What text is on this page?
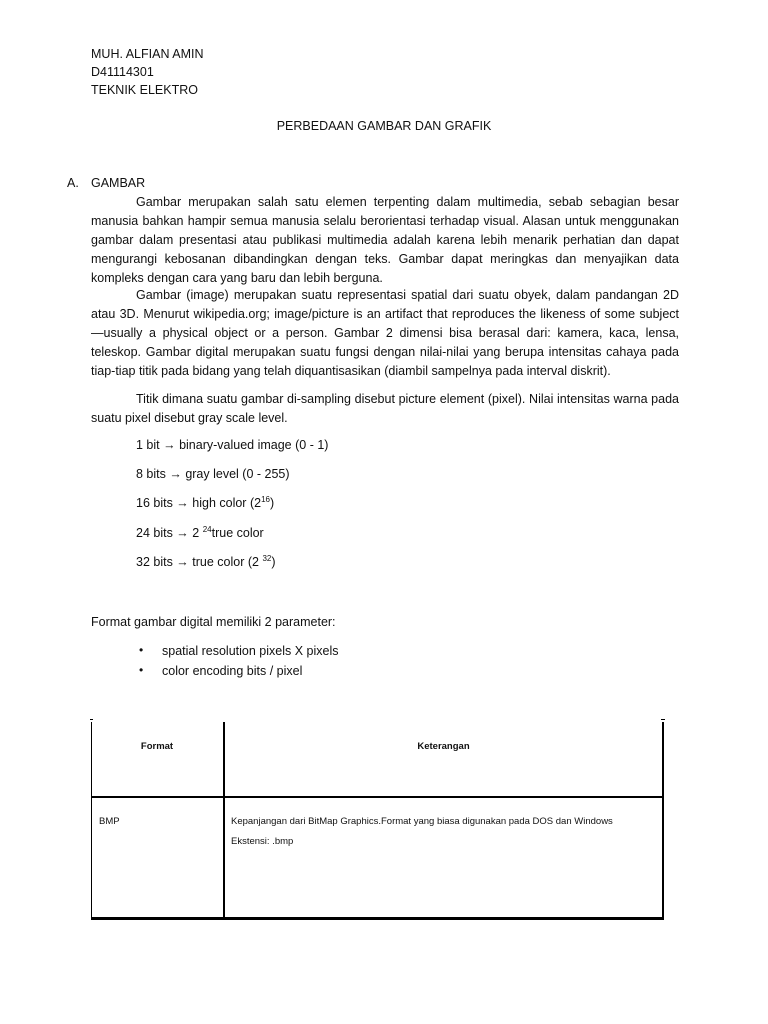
MUH. ALFIAN AMIN
D41114301
TEKNIK ELEKTRO
PERBEDAAN GAMBAR DAN GRAFIK
A. GAMBAR
Gambar merupakan salah satu elemen terpenting dalam multimedia, sebab sebagian besar manusia bahkan hampir semua manusia selalu berorientasi terhadap visual. Alasan untuk menggunakan gambar dalam presentasi atau publikasi multimedia adalah karena lebih menarik perhatian dan dapat mengurangi kebosanan dibandingkan dengan teks. Gambar dapat meringkas dan menyajikan data kompleks dengan cara yang baru dan lebih berguna.
Gambar (image) merupakan suatu representasi spatial dari suatu obyek, dalam pandangan 2D atau 3D. Menurut wikipedia.org; image/picture is an artifact that reproduces the likeness of some subject—usually a physical object or a person. Gambar 2 dimensi bisa berasal dari: kamera, kaca, lensa, teleskop. Gambar digital merupakan suatu fungsi dengan nilai-nilai yang berupa intensitas cahaya pada tiap-tiap titik pada bidang yang telah diquantisasikan (diambil sampelnya pada interval diskrit).
Titik dimana suatu gambar di-sampling disebut picture element (pixel). Nilai intensitas warna pada suatu pixel disebut gray scale level.
1 bit → binary-valued image (0 - 1)
8 bits → gray level (0 - 255)
16 bits → high color $(2^{16})$
24 bits → 2 $^{24}$true color
32 bits → true color (2 $^{32}$)
Format gambar digital memiliki 2 parameter:
• spatial resolution pixels X pixels
• color encoding bits / pixel
Format	Keterangan
BMP	Kepanjangan dari BitMap Graphics.Format yang biasa digunakan pada DOS dan Windows
Ekstensi: .bmp
